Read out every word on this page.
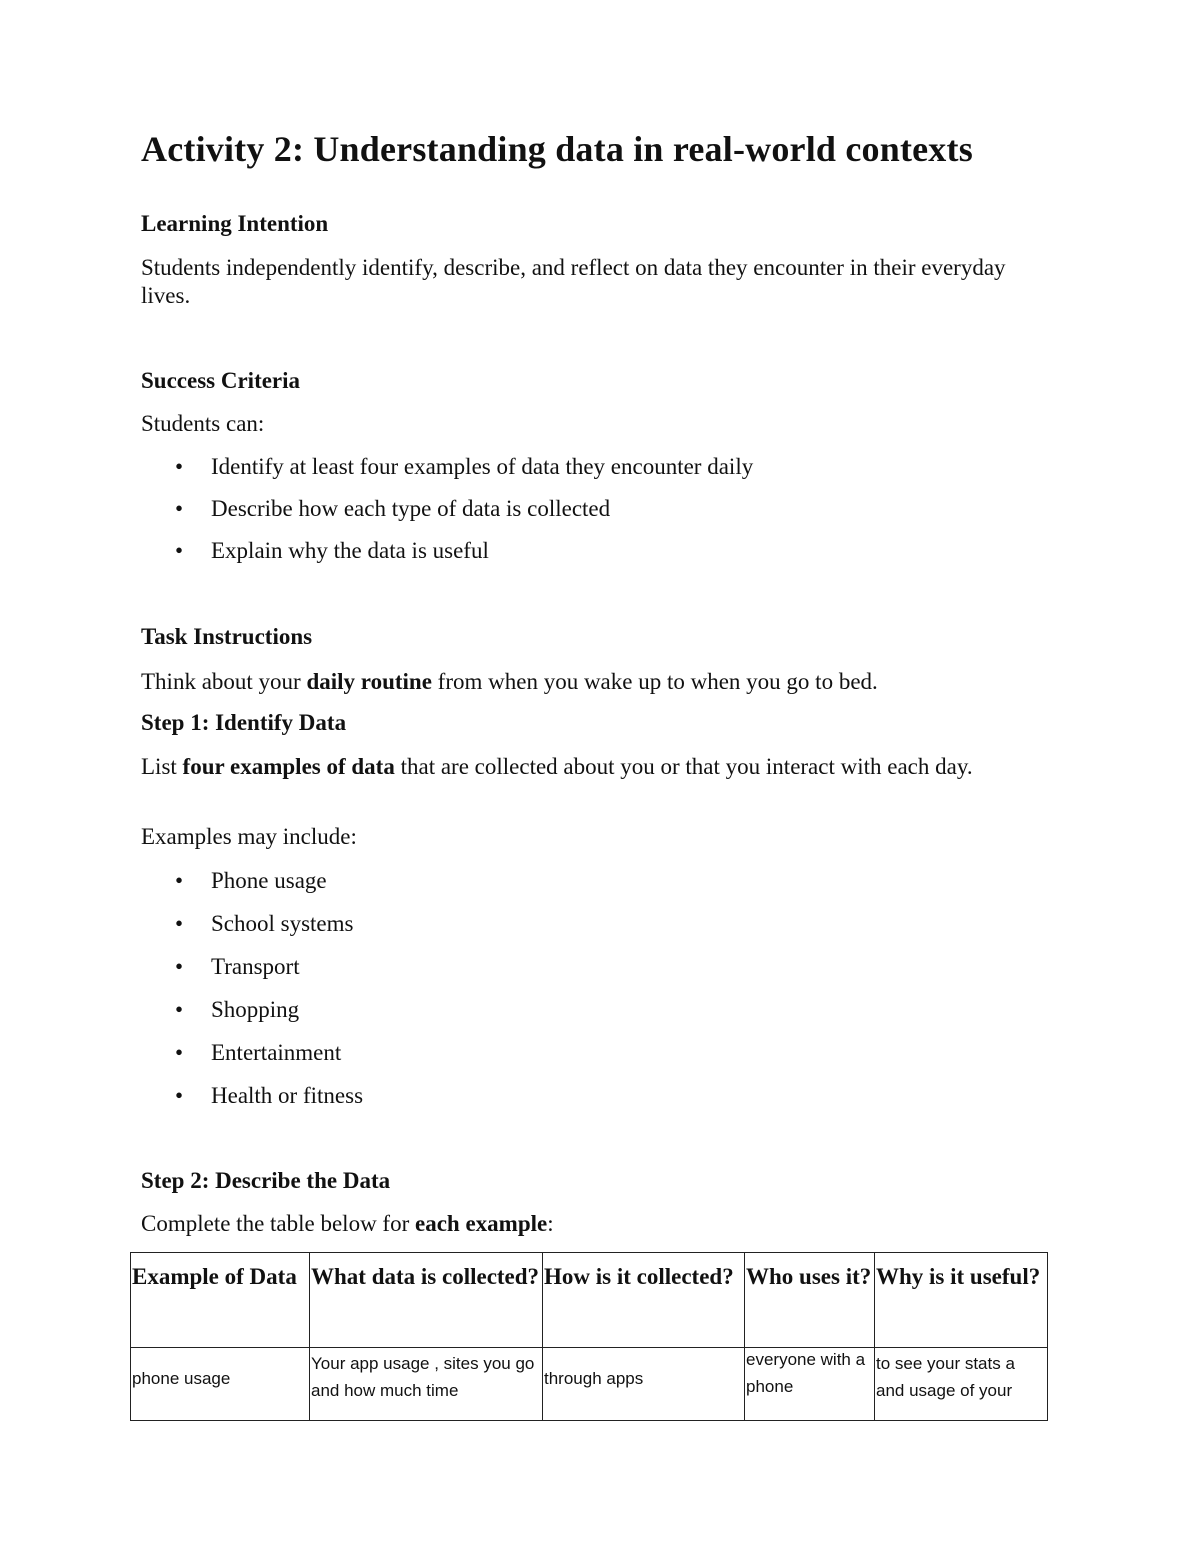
Activity 2: Understanding data in real-world contexts
Learning Intention

Students independently identify, describe, and reflect on data they encounter in their everyday lives.

Success Criteria

Students can:

• Identify at least four examples of data they encounter daily
• Describe how each type of data is collected
• Explain why the data is useful
Task Instructions

Think about your daily routine from when you wake up to when you go to bed.

Step 1: Identify Data

List four examples of data that are collected about you or that you interact with each day.

Examples may include:

• Phone usage
• School systems
• Transport
• Shopping
• Entertainment
• Health or fitness
Step 2: Describe the Data

Complete the table below for each example:

Example of Data	What data is collected?	How is it collected?	Who uses it?	Why is it useful?

phone usage	Your app usage , sites you go and how much time	through apps	everyone with a phone	to see your stats a and usage of your
